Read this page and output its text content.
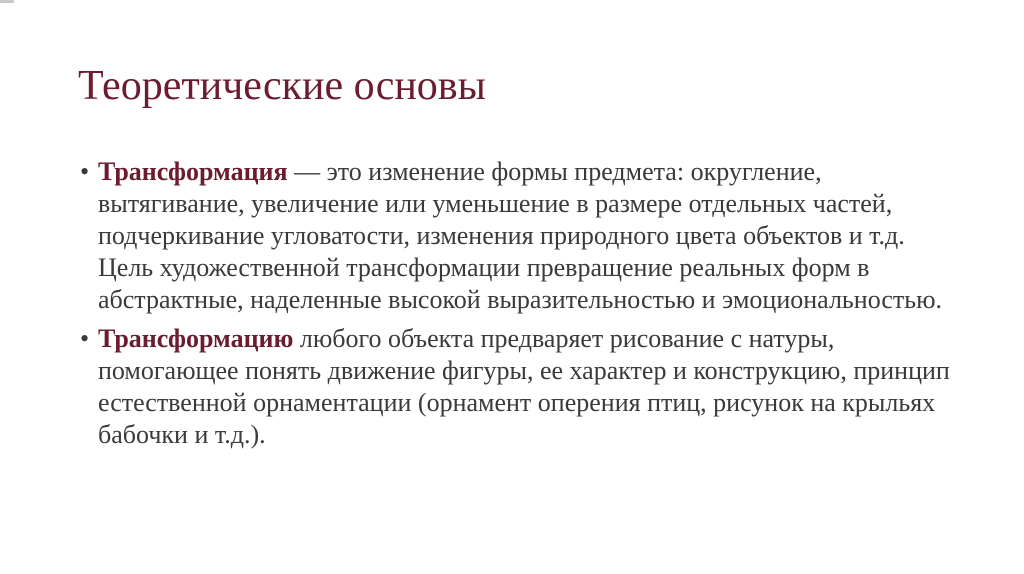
Теоретические основы
• Трансформация — это изменение формы предмета: округление, вытягивание, увеличение или уменьшение в размере отдельных частей, подчеркивание угловатости, изменения природного цвета объектов и т.д. Цель художественной трансформации превращение реальных форм в абстрактные, наделенные высокой выразительностью и эмоциональностью.
• Трансформацию любого объекта предваряет рисование с натуры, помогающее понять движение фигуры, ее характер и конструкцию, принцип естественной орнаментации (орнамент оперения птиц, рисунок на крыльях бабочки и т.д.).
